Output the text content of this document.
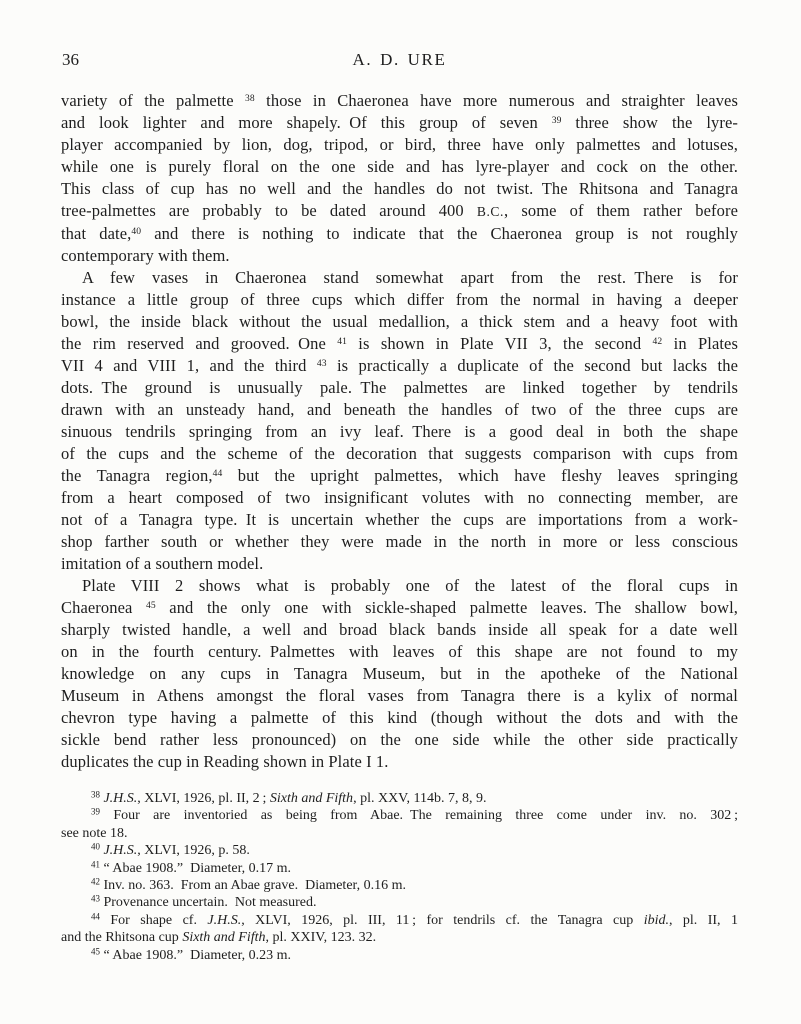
36	A. D. URE
variety of the palmette $^{38}$ those in Chaeronea have more numerous and straighter leaves
and look lighter and more shapely. Of this group of seven $^{39}$ three show the lyre-
player accompanied by lion, dog, tripod, or bird, three have only palmettes and lotuses,
while one is purely floral on the one side and has lyre-player and cock on the other.
This class of cup has no well and the handles do not twist. The Rhitsona and Tanagra
tree-palmettes are probably to be dated around 400 B.C., some of them rather before
that date,$^{40}$ and there is nothing to indicate that the Chaeronea group is not roughly
contemporary with them.
A few vases in Chaeronea stand somewhat apart from the rest. There is for
instance a little group of three cups which differ from the normal in having a deeper
bowl, the inside black without the usual medallion, a thick stem and a heavy foot with
the rim reserved and grooved. One $^{41}$ is shown in Plate VII 3, the second $^{42}$ in Plates
VII 4 and VIII 1, and the third $^{43}$ is practically a duplicate of the second but lacks the
dots. The ground is unusually pale. The palmettes are linked together by tendrils
drawn with an unsteady hand, and beneath the handles of two of the three cups are
sinuous tendrils springing from an ivy leaf. There is a good deal in both the shape
of the cups and the scheme of the decoration that suggests comparison with cups from
the Tanagra region,$^{44}$ but the upright palmettes, which have fleshy leaves springing
from a heart composed of two insignificant volutes with no connecting member, are
not of a Tanagra type. It is uncertain whether the cups are importations from a work-
shop farther south or whether they were made in the north in more or less conscious
imitation of a southern model.
Plate VIII 2 shows what is probably one of the latest of the floral cups in
Chaeronea $^{45}$ and the only one with sickle-shaped palmette leaves. The shallow bowl,
sharply twisted handle, a well and broad black bands inside all speak for a date well
on in the fourth century. Palmettes with leaves of this shape are not found to my
knowledge on any cups in Tanagra Museum, but in the apotheke of the National
Museum in Athens amongst the floral vases from Tanagra there is a kylix of normal
chevron type having a palmette of this kind (though without the dots and with the
sickle bend rather less pronounced) on the one side while the other side practically
duplicates the cup in Reading shown in Plate I 1.
$^{38}$ J.H.S., XLVI, 1926, pl. II, 2 ; Sixth and Fifth, pl. XXV, 114b. 7, 8, 9.
$^{39}$ Four are inventoried as being from Abae. The remaining three come under inv. no. 302 ;
see note 18.
$^{40}$ J.H.S., XLVI, 1926, p. 58.
$^{41}$ “ Abae 1908.” Diameter, 0.17 m.
$^{42}$ Inv. no. 363. From an Abae grave. Diameter, 0.16 m.
$^{43}$ Provenance uncertain. Not measured.
$^{44}$ For shape cf. J.H.S., XLVI, 1926, pl. III, 11 ; for tendrils cf. the Tanagra cup ibid., pl. II, 1
and the Rhitsona cup Sixth and Fifth, pl. XXIV, 123. 32.
$^{45}$ “ Abae 1908.” Diameter, 0.23 m.
